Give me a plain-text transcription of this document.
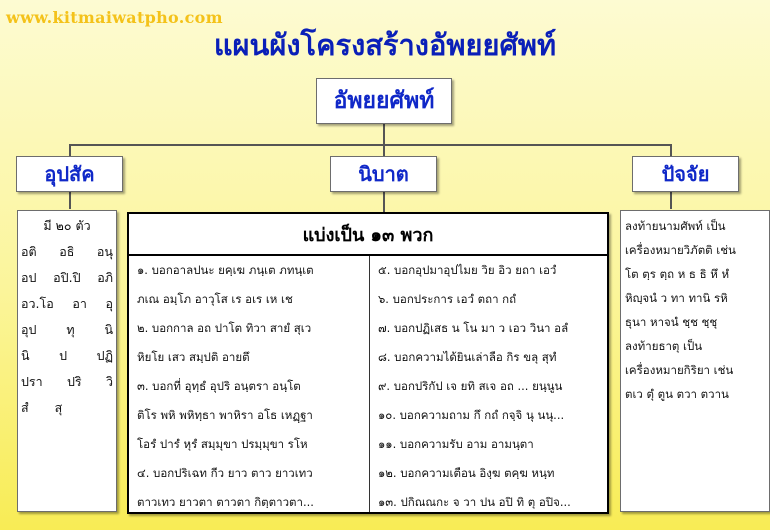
www.kitmaiwatpho.com
แผนผังโครงสร้างอัพยยศัพท์
อัพยยศัพท์
อุปสัค	นิบาต	ปัจจัย
มี ๒๐ ตัว
อติ อธิ อนุ
อป อปิ.ปิ อภิ
อว.โอ อา อุ
อุป ทุ นิ
นิ ป ปฏิ
ปรา ปริ วิ
สํ สุ
แบ่งเป็น ๑๓ พวก
๑. บอกอาลปนะ ยคฺเฆ ภนฺเต ภทนฺเต
ภเณ อมฺโภ อาวุโส เร อเร เห เช
๒. บอกกาล อถ ปาโต ทิวา สายํ สุเว
หิยโย เสว สมฺปติ อายตึ
๓. บอกที่ อุทฺธํ อุปริ อนฺตรา อนฺโต
ติโร พหิ พหิทฺธา พาหิรา อโธ เหฏฺฐา
โอรํ ปารํ หุรํ สมฺมุขา ปรมฺมุขา รโห
๔. บอกปริเฉท กีว ยาว ตาว ยาวเทว
ตาวเทว ยาวตา ตาวตา กิตฺตาวตา...
๕. บอกอุปมาอุปไมย วิย อิว ยถา เอวํ
๖. บอกประการ เอวํ ตถา กถํ
๗. บอกปฏิเสธ น โน มา ว เอว วินา อลํ
๘. บอกความได้ยินเล่าลือ กิร ขลุ สุทํ
๙. บอกปริกัป เจ ยทิ สเจ อถ ... ยนฺนูน
๑๐. บอกความถาม กึ กถํ กจฺจิ นุ นนุ...
๑๑. บอกความรับ อาม อามนฺตา
๑๒. บอกความเตือน อิงฺฆ ตคฺฆ หนฺท
๑๓. ปกิณณกะ จ วา ปน อปิ ทิ ตุ อปิจ...
ลงท้ายนามศัพท์ เป็น
เครื่องหมายวิภัตติ เช่น
โต ตฺร ตฺถ ห ธ ธิ หึ หํ
หิญฺจนํ ว ทา ทานิ รหิ
ธุนา หาจนํ ชฺช ชฺชุ
ลงท้ายธาตุ เป็น
เครื่องหมายกิริยา เช่น
ตเว ตุํ ตูน ตวา ตวาน
